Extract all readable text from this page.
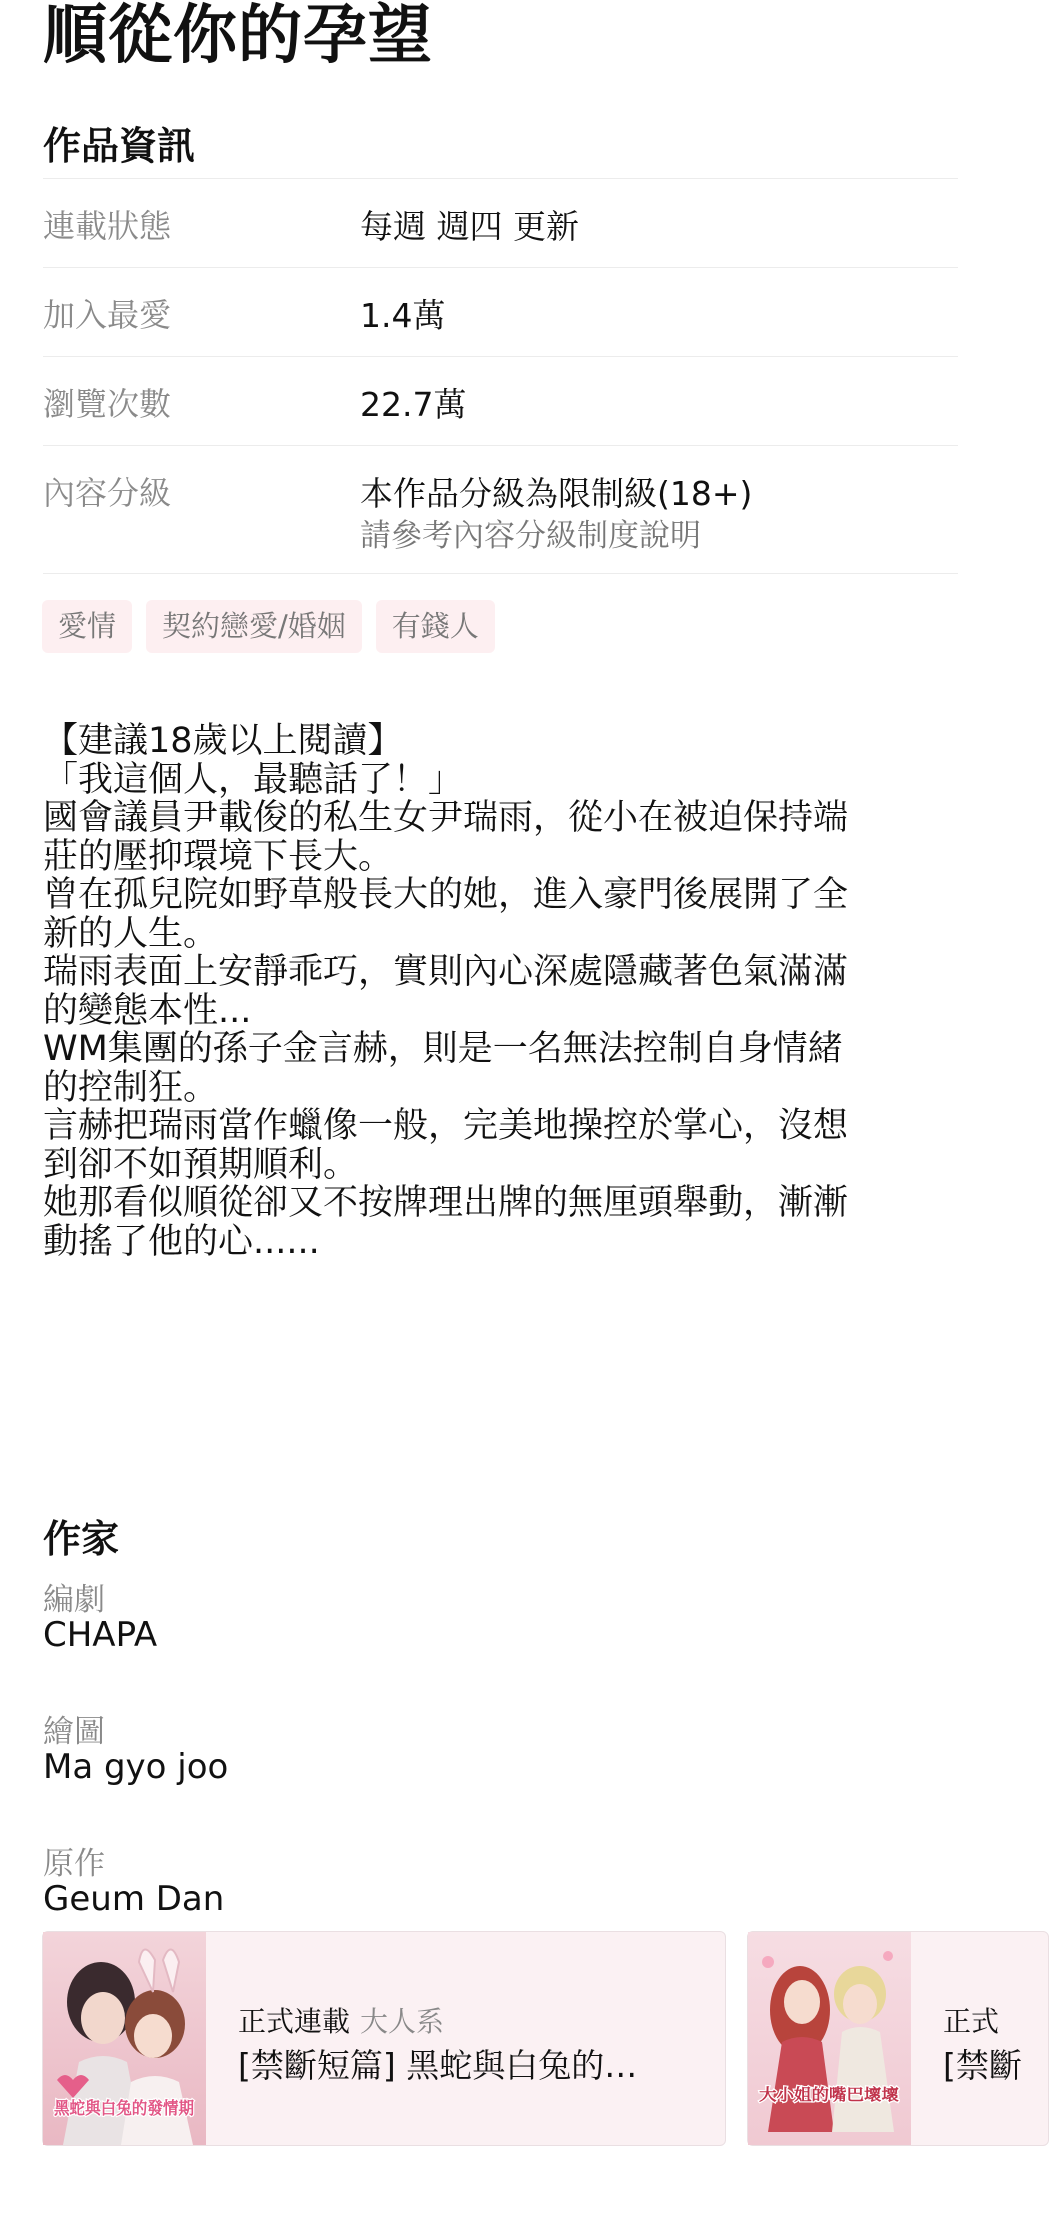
順從你的孕望
作品資訊
連載狀態	每週 週四 更新
加入最愛	1.4萬
瀏覽次數	22.7萬
內容分級	本作品分級為限制級(18+)
請參考內容分級制度說明
愛情	契約戀愛/婚姻	有錢人

【建議18歲以上閱讀】

「我這個人，最聽話了！」

國會議員尹載俊的私生女尹瑞雨，從小在被迫保持端

莊的壓抑環境下長大。

曾在孤兒院如野草般長大的她，進入豪門後展開了全

新的人生。

瑞雨表面上安靜乖巧，實則內心深處隱藏著色氣滿滿

的變態本性...

WM集團的孫子金言赫，則是一名無法控制自身情緒

的控制狂。

言赫把瑞雨當作蠟像一般，完美地操控於掌心，沒想

到卻不如預期順利。

她那看似順從卻又不按牌理出牌的無厘頭舉動，漸漸

動搖了他的心......

作家
編劇
CHAPA
繪圖
Ma gyo joo
原作
Geum Dan
黑蛇與白兔的發情期
正式連載 大人系
[禁斷短篇] 黑蛇與白兔的…
大小姐的嘴巴壞壞
正式
[禁斷
